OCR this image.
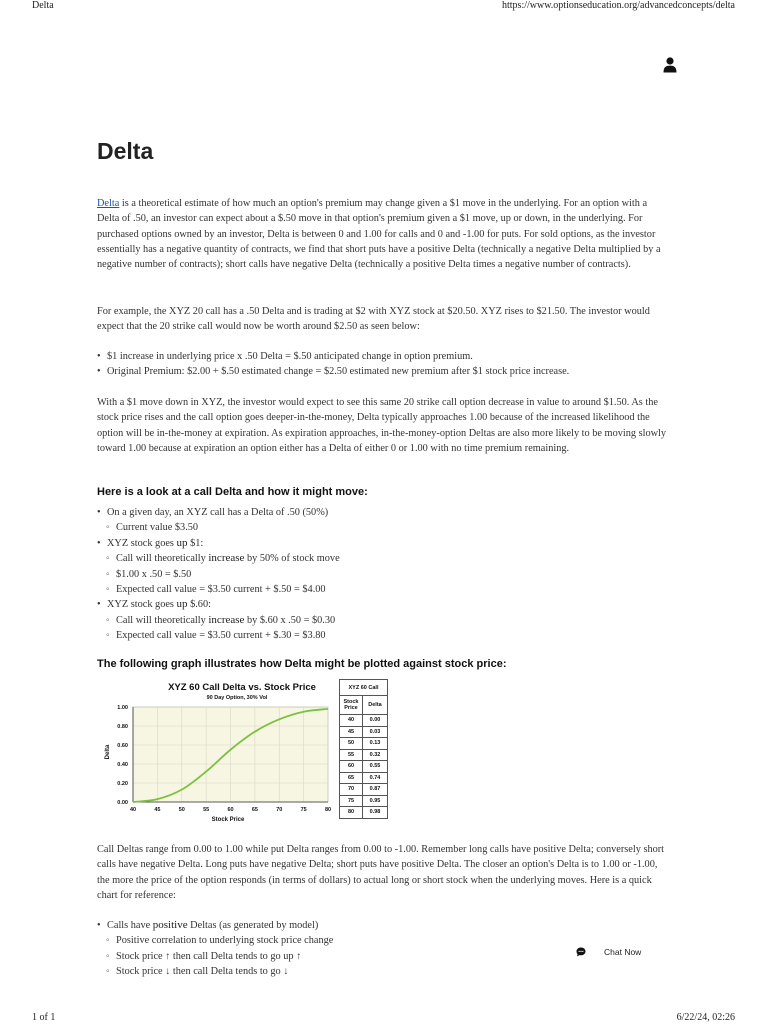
Delta	https://www.optionseducation.org/advancedconcepts/delta
Delta

Delta is a theoretical estimate of how much an option's premium may change given a $1 move in the underlying. For an option with a Delta of .50, an investor can expect about a $.50 move in that option's premium given a $1 move, up or down, in the underlying. For purchased options owned by an investor, Delta is between 0 and 1.00 for calls and 0 and -1.00 for puts. For sold options, as the investor essentially has a negative quantity of contracts, we find that short puts have a positive Delta (technically a negative Delta multiplied by a negative number of contracts); short calls have negative Delta (technically a positive Delta times a negative number of contracts).

For example, the XYZ 20 call has a .50 Delta and is trading at $2 with XYZ stock at $20.50. XYZ rises to $21.50. The investor would expect that the 20 strike call would now be worth around $2.50 as seen below:

• $1 increase in underlying price x .50 Delta = $.50 anticipated change in option premium.
• Original Premium: $2.00 + $.50 estimated change = $2.50 estimated new premium after $1 stock price increase.

With a $1 move down in XYZ, the investor would expect to see this same 20 strike call option decrease in value to around $1.50. As the stock price rises and the call option goes deeper-in-the-money, Delta typically approaches 1.00 because of the increased likelihood the option will be in-the-money at expiration. As expiration approaches, in-the-money-option Deltas are also more likely to be moving slowly toward 1.00 because at expiration an option either has a Delta of either 0 or 1.00 with no time premium remaining.

Here is a look at a call Delta and how it might move:
• On a given day, an XYZ call has a Delta of .50 (50%)
◦ Current value $3.50
• XYZ stock goes up $1:
◦ Call will theoretically increase by 50% of stock move
◦ $1.00 x .50 = $.50
◦ Expected call value = $3.50 current + $.50 = $4.00
• XYZ stock goes up $.60:
◦ Call will theoretically increase by $.60 x .50 = $0.30
◦ Expected call value = $3.50 current + $.30 = $3.80
The following graph illustrates how Delta might be plotted against stock price:
XYZ 60 Call Delta vs. Stock Price
90 Day Option, 30% Vol
Delta
Stock Price
0.00
0.20
0.40
0.60
0.80
1.00
40	45	50	55	60	65	70	75	80
XYZ 60 Call	
Stock Price	Delta
40	0.00
45	0.03
50	0.13
55	0.32
60	0.55
65	0.74
70	0.87
75	0.95
80	0.98

Call Deltas range from 0.00 to 1.00 while put Delta ranges from 0.00 to -1.00. Remember long calls have positive Delta; conversely short calls have negative Delta. Long puts have negative Delta; short puts have positive Delta. The closer an option's Delta is to 1.00 or -1.00, the more the price of the option responds (in terms of dollars) to actual long or short stock when the underlying moves. Here is a quick chart for reference:

• Calls have positive Deltas (as generated by model)
◦ Positive correlation to underlying stock price change
◦ Stock price ↑ then call Delta tends to go up ↑
◦ Stock price ↓ then call Delta tends to go ↓
Chat Now
1 of 1	6/22/24, 02:26
